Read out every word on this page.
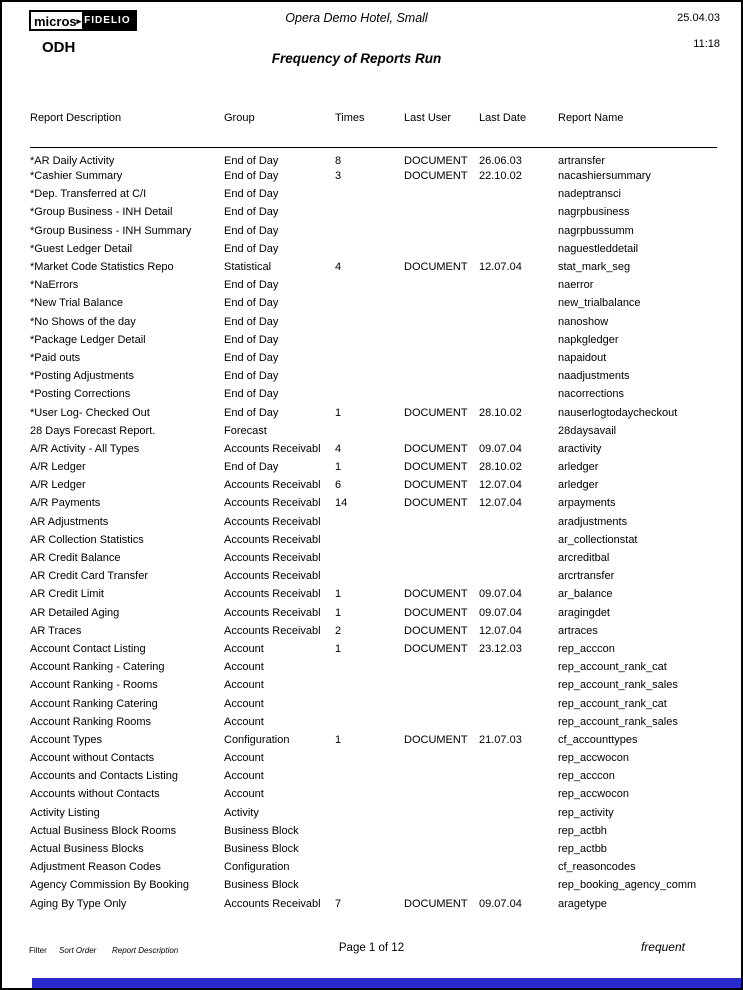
micros ▸ FIDELIO
ODH
Opera Demo Hotel, Small
Frequency of Reports Run
25.04.03
11:18
Report Description	Group	Times	Last User	Last Date	Report Name
*AR Daily Activity	End of Day	8	DOCUMENT	26.06.03	artransfer
*Cashier Summary	End of Day	3	DOCUMENT	22.10.02	nacashiersummary
*Dep. Transferred at C/I	End of Day				nadeptransci
*Group Business - INH Detail	End of Day				nagrpbusiness
*Group Business - INH Summary	End of Day				nagrpbussumm
*Guest Ledger Detail	End of Day				naguestleddetail
*Market Code Statistics Repo	Statistical	4	DOCUMENT	12.07.04	stat_mark_seg
*NaErrors	End of Day				naerror
*New Trial Balance	End of Day				new_trialbalance
*No Shows of the day	End of Day				nanoshow
*Package Ledger Detail	End of Day				napkgledger
*Paid outs	End of Day				napaidout
*Posting Adjustments	End of Day				naadjustments
*Posting Corrections	End of Day				nacorrections
*User Log- Checked Out	End of Day	1	DOCUMENT	28.10.02	nauserlogtodaycheckout
28 Days Forecast Report.	Forecast				28daysavail
A/R Activity - All Types	Accounts Receivabl	4	DOCUMENT	09.07.04	aractivity
A/R Ledger	End of Day	1	DOCUMENT	28.10.02	arledger
A/R Ledger	Accounts Receivabl	6	DOCUMENT	12.07.04	arledger
A/R Payments	Accounts Receivabl	14	DOCUMENT	12.07.04	arpayments
AR Adjustments	Accounts Receivabl				aradjustments
AR Collection Statistics	Accounts Receivabl				ar_collectionstat
AR Credit Balance	Accounts Receivabl				arcreditbal
AR Credit Card Transfer	Accounts Receivabl				arcrtransfer
AR Credit Limit	Accounts Receivabl	1	DOCUMENT	09.07.04	ar_balance
AR Detailed Aging	Accounts Receivabl	1	DOCUMENT	09.07.04	aragingdet
AR Traces	Accounts Receivabl	2	DOCUMENT	12.07.04	artraces
Account Contact Listing	Account	1	DOCUMENT	23.12.03	rep_acccon
Account Ranking - Catering	Account				rep_account_rank_cat
Account Ranking - Rooms	Account				rep_account_rank_sales
Account Ranking Catering	Account				rep_account_rank_cat
Account Ranking Rooms	Account				rep_account_rank_sales
Account Types	Configuration	1	DOCUMENT	21.07.03	cf_accounttypes
Account without Contacts	Account				rep_accwocon
Accounts and Contacts Listing	Account				rep_acccon
Accounts without Contacts	Account				rep_accwocon
Activity Listing	Activity				rep_activity
Actual Business Block Rooms	Business Block				rep_actbh
Actual Business Blocks	Business Block				rep_actbb
Adjustment Reason Codes	Configuration				cf_reasoncodes
Agency Commission By Booking	Business Block				rep_booking_agency_comm
Aging By Type Only	Accounts Receivabl	7	DOCUMENT	09.07.04	aragetype
Filter Sort Order Report Description	Page 1 of 12	frequent
